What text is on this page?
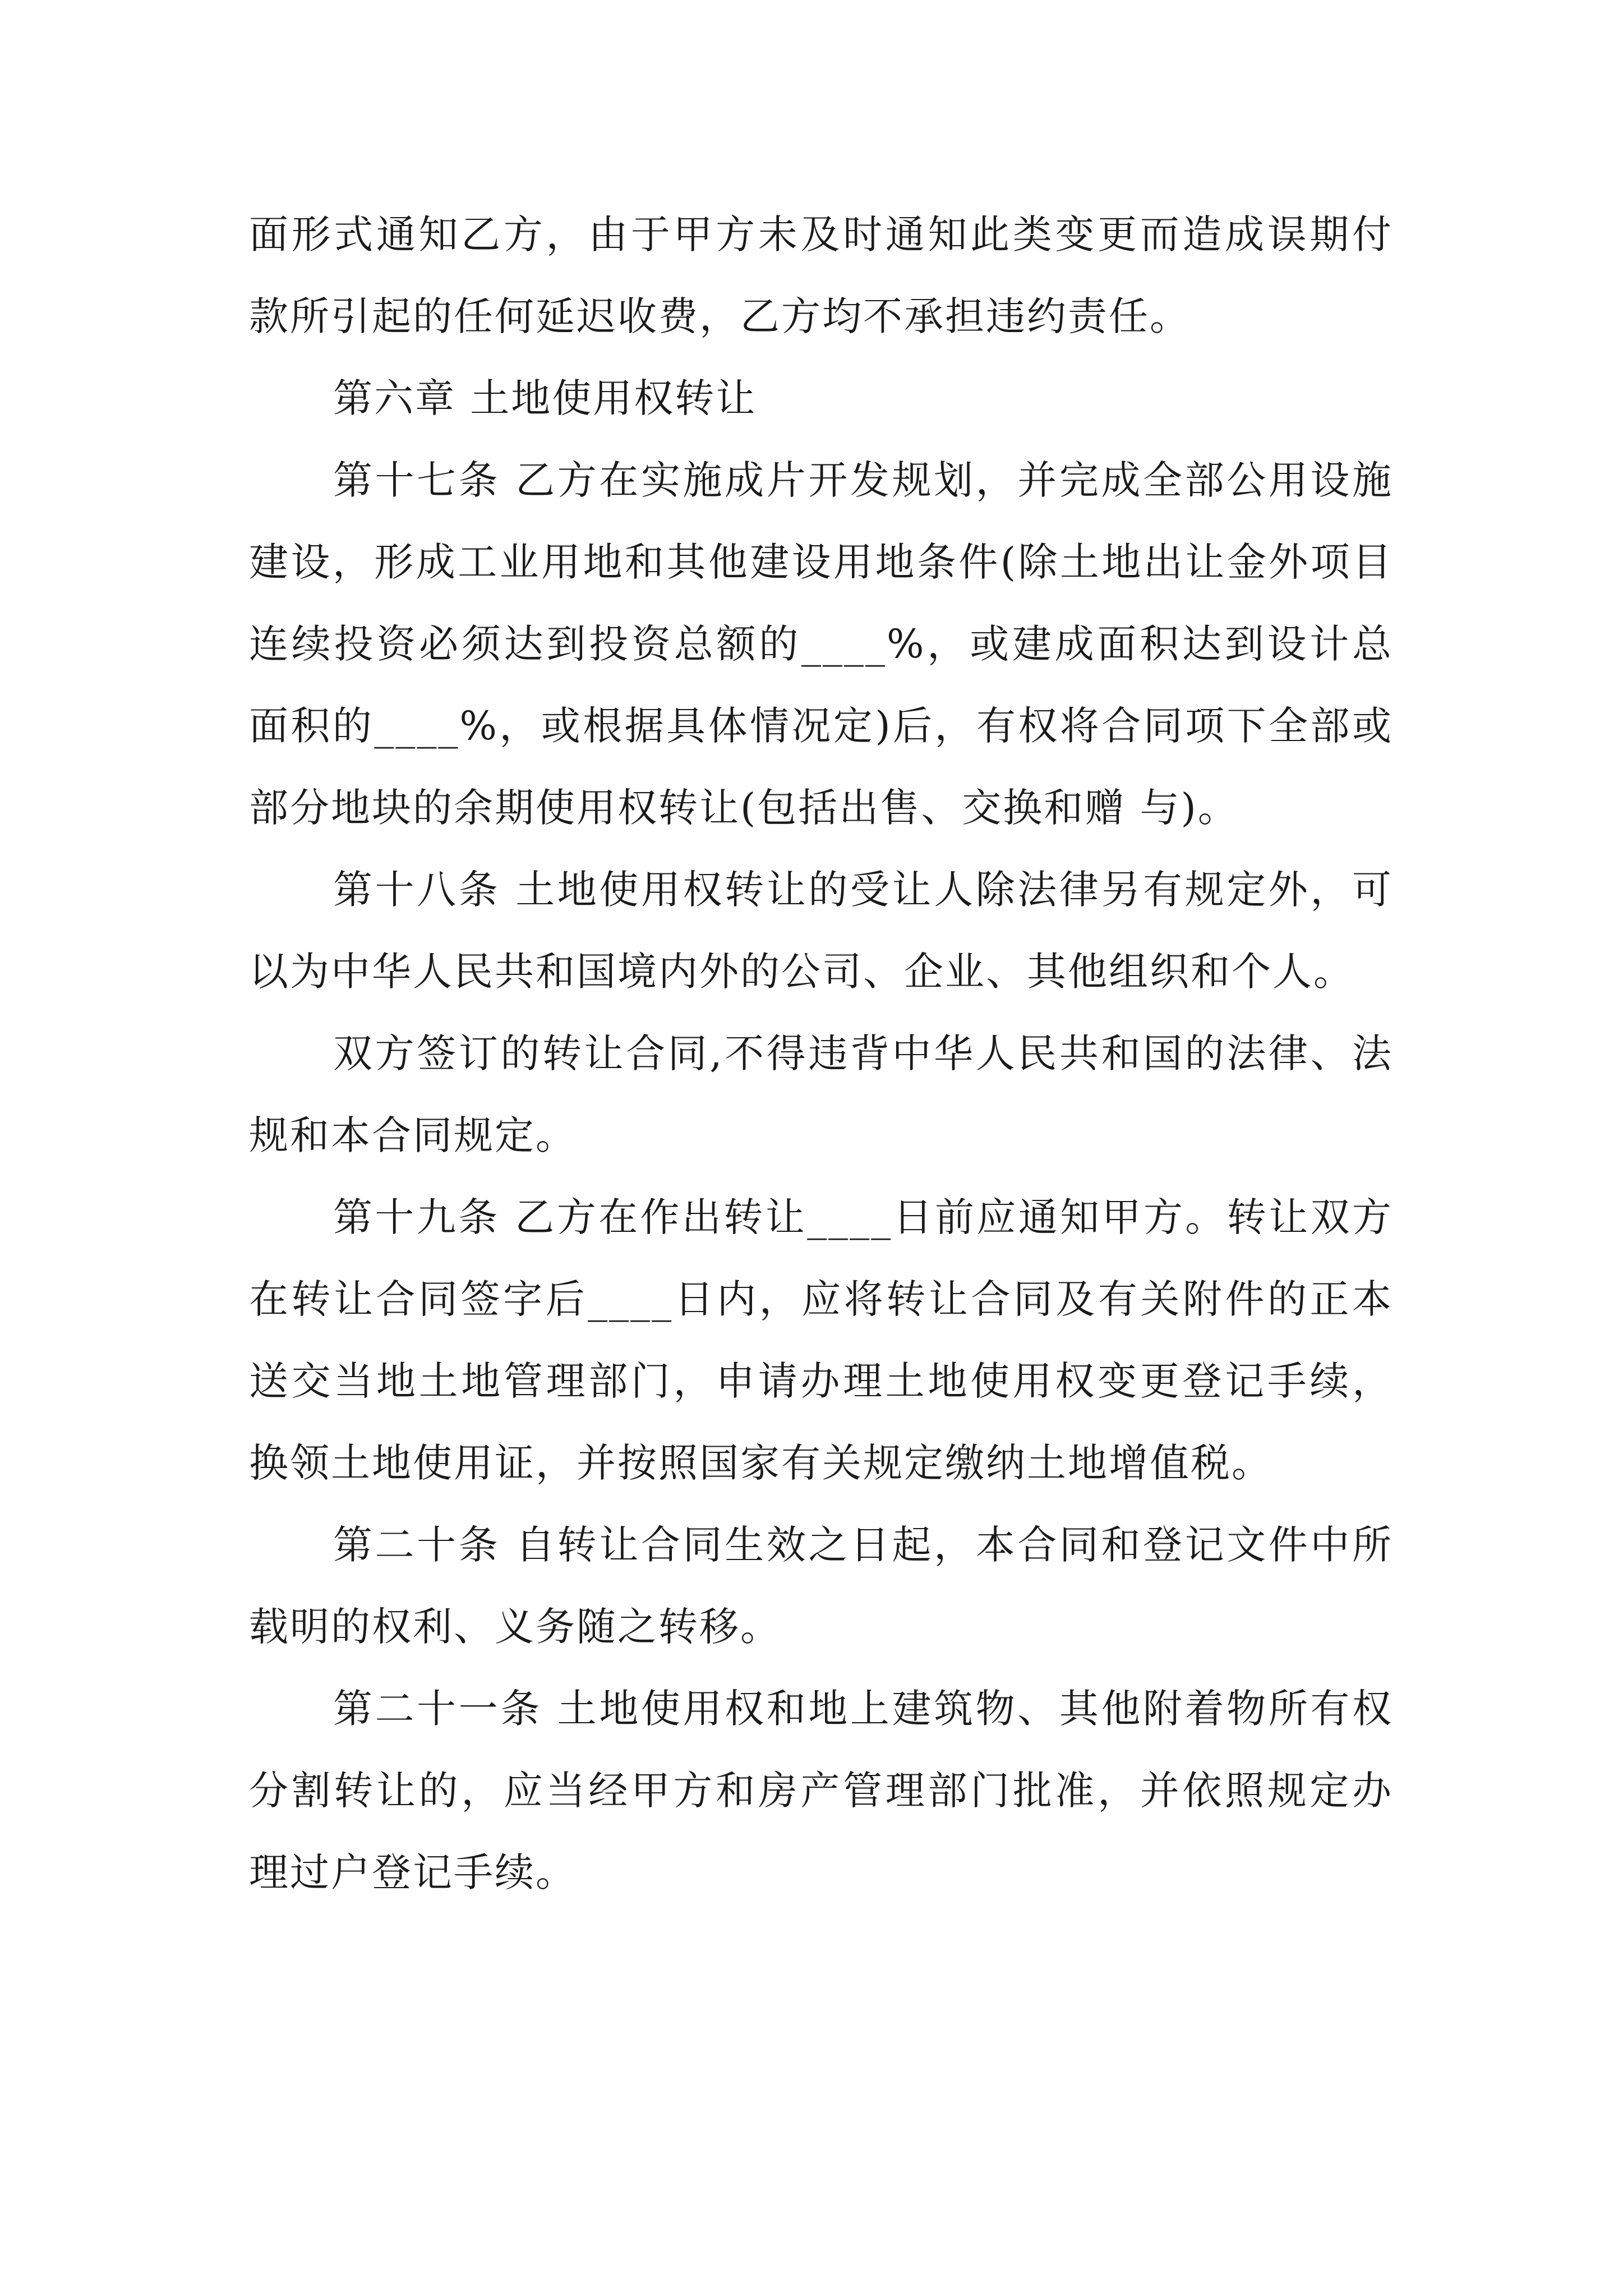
面形式通知乙方，由于甲方未及时通知此类变更而造成误期付款所引起的任何延迟收费，乙方均不承担违约责任。

第六章 土地使用权转让

第十七条 乙方在实施成片开发规划，并完成全部公用设施建设，形成工业用地和其他建设用地条件(除土地出让金外项目连续投资必须达到投资总额的____%，或建成面积达到设计总面积的____%，或根据具体情况定)后，有权将合同项下全部或部分地块的余期使用权转让(包括出售、交换和赠 与)。

第十八条 土地使用权转让的受让人除法律另有规定外，可以为中华人民共和国境内外的公司、企业、其他组织和个人。

双方签订的转让合同,不得违背中华人民共和国的法律、法规和本合同规定。

第十九条 乙方在作出转让____日前应通知甲方。转让双方在转让合同签字后____日内，应将转让合同及有关附件的正本送交当地土地管理部门，申请办理土地使用权变更登记手续，换领土地使用证，并按照国家有关规定缴纳土地增值税。

第二十条 自转让合同生效之日起，本合同和登记文件中所载明的权利、义务随之转移。

第二十一条 土地使用权和地上建筑物、其他附着物所有权分割转让的，应当经甲方和房产管理部门批准，并依照规定办理过户登记手续。
